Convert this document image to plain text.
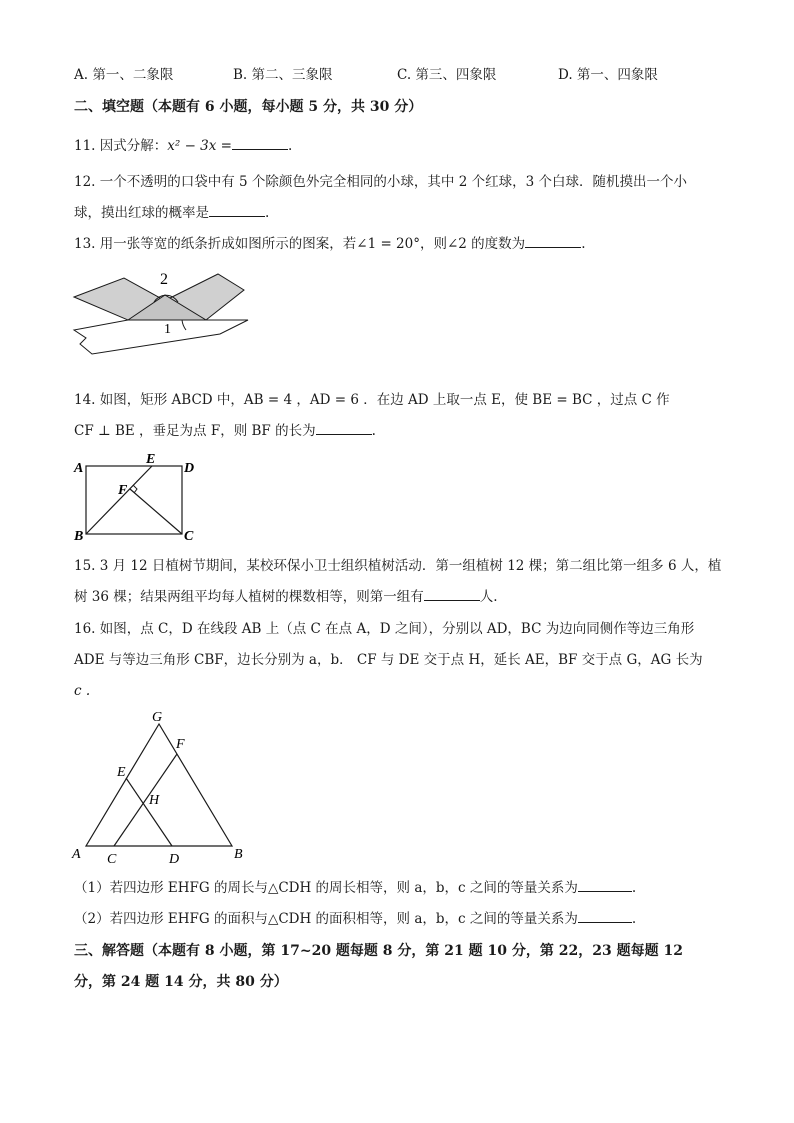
A. 第一、二象限	B. 第二、三象限	C. 第三、四象限	D. 第一、四象限
二、填空题（本题有 6 小题，每小题 5 分，共 30 分）
11. 因式分解：x² − 3x =	.
12. 一个不透明的口袋中有 5 个除颜色外完全相同的小球，其中 2 个红球，3 个白球．随机摸出一个小
球，摸出红球的概率是	.
13. 用一张等宽的纸条折成如图所示的图案，若∠1 = 20°，则∠2 的度数为	.
2
1
14. 如图，矩形 ABCD 中，AB = 4 ，AD = 6 ．在边 AD 上取一点 E，使 BE = BC ，过点 C 作
CF ⊥ BE ，垂足为点 F，则 BF 的长为	.
A
E
D
F
B	C
15. 3 月 12 日植树节期间，某校环保小卫士组织植树活动．第一组植树 12 棵；第二组比第一组多 6 人，植
树 36 棵；结果两组平均每人植树的棵数相等，则第一组有	人.
16. 如图，点 C，D 在线段 AB 上（点 C 在点 A，D 之间），分别以 AD，BC 为边向同侧作等边三角形
ADE 与等边三角形 CBF，边长分别为 a，b． CF 与 DE 交于点 H，延长 AE，BF 交于点 G，AG 长为
c .
G
F
E
H
A C	D	B
（1）若四边形 EHFG 的周长与△CDH 的周长相等，则 a，b，c 之间的等量关系为	.
（2）若四边形 EHFG 的面积与△CDH 的面积相等，则 a，b，c 之间的等量关系为	.
三、解答题（本题有 8 小题，第 17~20 题每题 8 分，第 21 题 10 分，第 22，23 题每题 12
分，第 24 题 14 分，共 80 分）
